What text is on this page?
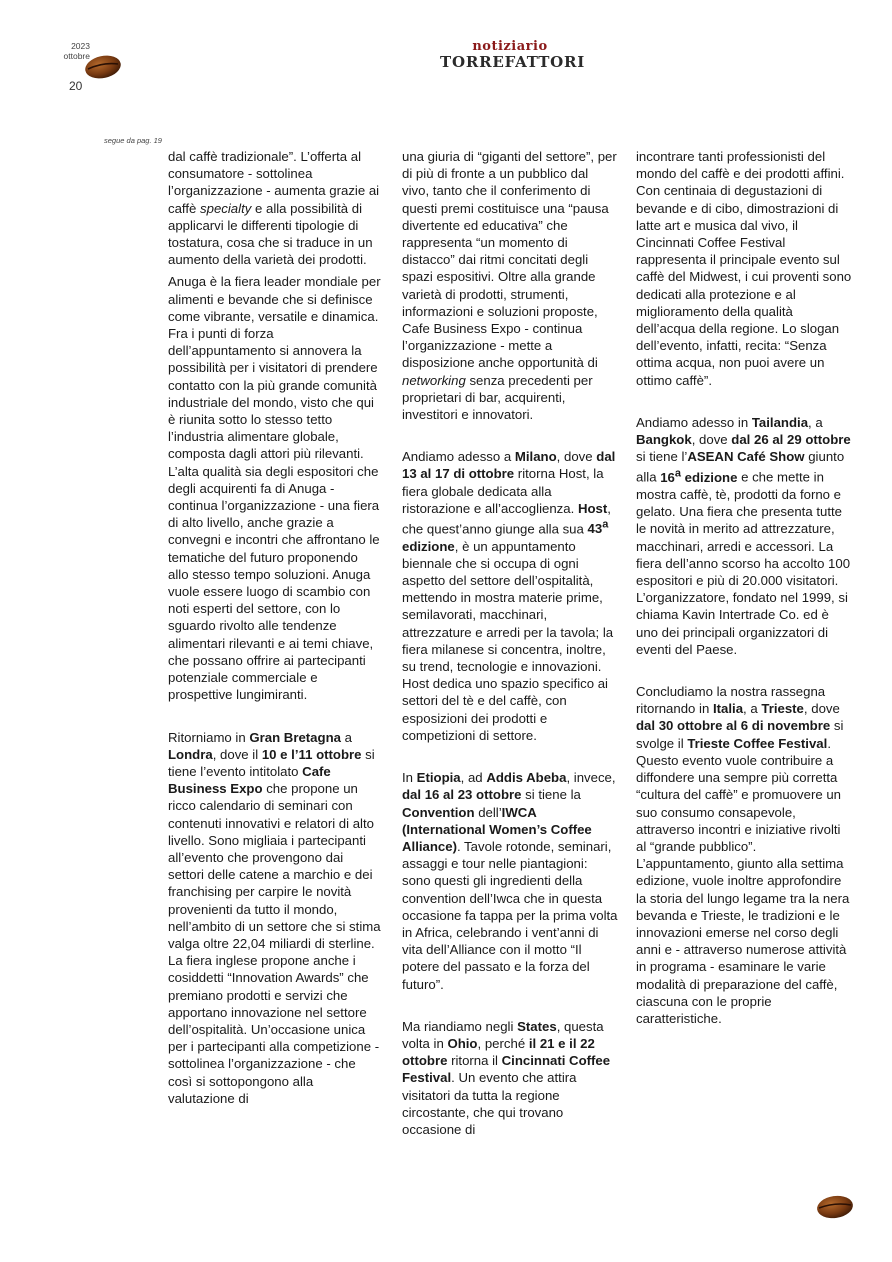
2023
ottobre
20
notiziario
TORREFATTORI
segue da pag. 19

dal caffè tradizionale”. L’offerta al consumatore - sottolinea l’organizzazione - aumenta grazie ai caffè specialty e alla possibilità di applicarvi le differenti tipologie di tostatura, cosa che si traduce in un aumento della varietà dei prodotti.

Anuga è la fiera leader mondiale per alimenti e bevande che si definisce come vibrante, versatile e dinamica. Fra i punti di forza dell’appuntamento si annovera la possibilità per i visitatori di prendere contatto con la più grande comunità industriale del mondo, visto che qui è riunita sotto lo stesso tetto l’industria alimentare globale, composta dagli attori più rilevanti. L’alta qualità sia degli espositori che degli acquirenti fa di Anuga - continua l’organizzazione - una fiera di alto livello, anche grazie a convegni e incontri che affrontano le tematiche del futuro proponendo allo stesso tempo soluzioni. Anuga vuole essere luogo di scambio con noti esperti del settore, con lo sguardo rivolto alle tendenze alimentari rilevanti e ai temi chiave, che possano offrire ai partecipanti potenziale commerciale e prospettive lungimiranti.

Ritorniamo in Gran Bretagna a Londra, dove il 10 e l’11 ottobre si tiene l’evento intitolato Cafe Business Expo che propone un ricco calendario di seminari con contenuti innovativi e relatori di alto livello. Sono migliaia i partecipanti all’evento che provengono dai settori delle catene a marchio e dei franchising per carpire le novità provenienti da tutto il mondo, nell’ambito di un settore che si stima valga oltre 22,04 miliardi di sterline. La fiera inglese propone anche i cosiddetti “Innovation Awards” che premiano prodotti e servizi che apportano innovazione nel settore dell’ospitalità. Un’occasione unica per i partecipanti alla competizione - sottolinea l’organizzazione - che così si sottopongono alla valutazione di

una giuria di “giganti del settore”, per di più di fronte a un pubblico dal vivo, tanto che il conferimento di questi premi costituisce una “pausa divertente ed educativa” che rappresenta “un momento di distacco” dai ritmi concitati degli spazi espositivi. Oltre alla grande varietà di prodotti, strumenti, informazioni e soluzioni proposte, Cafe Business Expo - continua l’organizzazione - mette a disposizione anche opportunità di networking senza precedenti per proprietari di bar, acquirenti, investitori e innovatori.

Andiamo adesso a Milano, dove dal 13 al 17 di ottobre ritorna Host, la fiera globale dedicata alla ristorazione e all’accoglienza. Host, che quest’anno giunge alla sua 43$^a$ edizione, è un appuntamento biennale che si occupa di ogni aspetto del settore dell’ospitalità, mettendo in mostra materie prime, semilavorati, macchinari, attrezzature e arredi per la tavola; la fiera milanese si concentra, inoltre, su trend, tecnologie e innovazioni. Host dedica uno spazio specifico ai settori del tè e del caffè, con esposizioni dei prodotti e competizioni di settore.

In Etiopia, ad Addis Abeba, invece, dal 16 al 23 ottobre si tiene la Convention dell’IWCA (International Women’s Coffee Alliance). Tavole rotonde, seminari, assaggi e tour nelle piantagioni: sono questi gli ingredienti della convention dell’Iwca che in questa occasione fa tappa per la prima volta in Africa, celebrando i vent’anni di vita dell’Alliance con il motto “Il potere del passato e la forza del futuro”.

Ma riandiamo negli States, questa volta in Ohio, perché il 21 e il 22 ottobre ritorna il Cincinnati Coffee Festival. Un evento che attira visitatori da tutta la regione circostante, che qui trovano occasione di

incontrare tanti professionisti del mondo del caffè e dei prodotti affini. Con centinaia di degustazioni di bevande e di cibo, dimostrazioni di latte art e musica dal vivo, il Cincinnati Coffee Festival rappresenta il principale evento sul caffè del Midwest, i cui proventi sono dedicati alla protezione e al miglioramento della qualità dell’acqua della regione. Lo slogan dell’evento, infatti, recita: “Senza ottima acqua, non puoi avere un ottimo caffè”.

Andiamo adesso in Tailandia, a Bangkok, dove dal 26 al 29 ottobre si tiene l’ASEAN Café Show giunto alla 16$^a$ edizione e che mette in mostra caffè, tè, prodotti da forno e gelato. Una fiera che presenta tutte le novità in merito ad attrezzature, macchinari, arredi e accessori. La fiera dell’anno scorso ha accolto 100 espositori e più di 20.000 visitatori. L’organizzatore, fondato nel 1999, si chiama Kavin Intertrade Co. ed è uno dei principali organizzatori di eventi del Paese.

Concludiamo la nostra rassegna ritornando in Italia, a Trieste, dove dal 30 ottobre al 6 di novembre si svolge il Trieste Coffee Festival. Questo evento vuole contribuire a diffondere una sempre più corretta “cultura del caffè” e promuovere un suo consumo consapevole, attraverso incontri e iniziative rivolti al “grande pubblico”. L’appuntamento, giunto alla settima edizione, vuole inoltre approfondire la storia del lungo legame tra la nera bevanda e Trieste, le tradizioni e le innovazioni emerse nel corso degli anni e - attraverso numerose attività in programa - esaminare le varie modalità di preparazione del caffè, ciascuna con le proprie caratteristiche.
